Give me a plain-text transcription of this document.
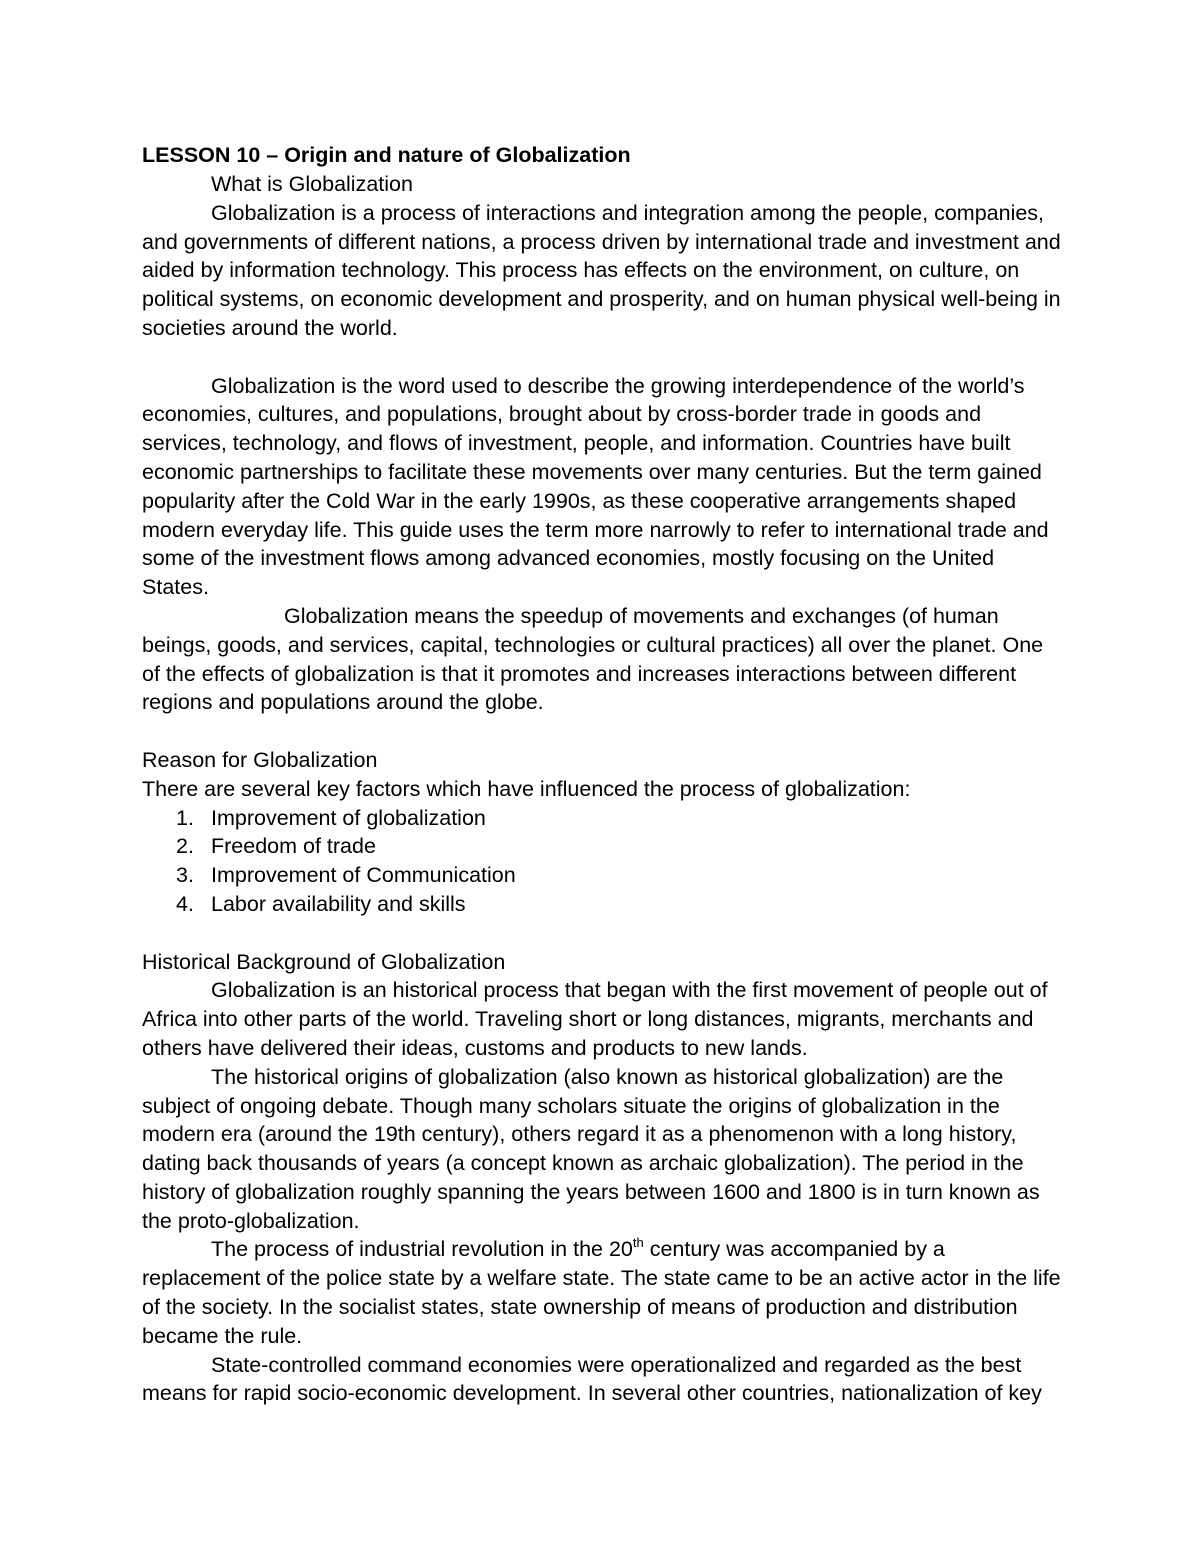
LESSON 10 – Origin and nature of Globalization

What is Globalization

Globalization is a process of interactions and integration among the people, companies, and governments of different nations, a process driven by international trade and investment and aided by information technology. This process has effects on the environment, on culture, on political systems, on economic development and prosperity, and on human physical well-being in societies around the world.

Globalization is the word used to describe the growing interdependence of the world’s economies, cultures, and populations, brought about by cross-border trade in goods and services, technology, and flows of investment, people, and information. Countries have built economic partnerships to facilitate these movements over many centuries. But the term gained popularity after the Cold War in the early 1990s, as these cooperative arrangements shaped modern everyday life. This guide uses the term more narrowly to refer to international trade and some of the investment flows among advanced economies, mostly focusing on the United States.

Globalization means the speedup of movements and exchanges (of human beings, goods, and services, capital, technologies or cultural practices) all over the planet. One of the effects of globalization is that it promotes and increases interactions between different regions and populations around the globe.

Reason for Globalization

There are several key factors which have influenced the process of globalization:

1. Improvement of globalization
2. Freedom of trade
3. Improvement of Communication
4. Labor availability and skills

Historical Background of Globalization

Globalization is an historical process that began with the first movement of people out of Africa into other parts of the world. Traveling short or long distances, migrants, merchants and others have delivered their ideas, customs and products to new lands.

The historical origins of globalization (also known as historical globalization) are the subject of ongoing debate. Though many scholars situate the origins of globalization in the modern era (around the 19th century), others regard it as a phenomenon with a long history, dating back thousands of years (a concept known as archaic globalization). The period in the history of globalization roughly spanning the years between 1600 and 1800 is in turn known as the proto-globalization.

The process of industrial revolution in the 20th century was accompanied by a replacement of the police state by a welfare state. The state came to be an active actor in the life of the society. In the socialist states, state ownership of means of production and distribution became the rule.

State-controlled command economies were operationalized and regarded as the best means for rapid socio-economic development. In several other countries, nationalization of key
